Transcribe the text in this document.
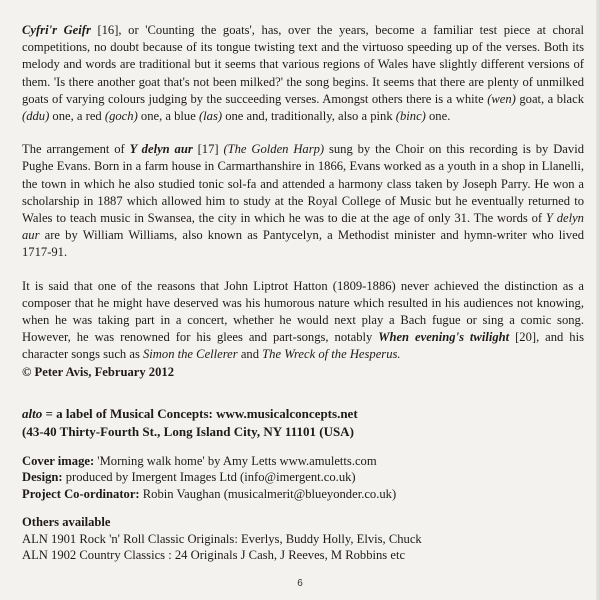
Cyfri'r Geifr [16], or 'Counting the goats', has, over the years, become a familiar test piece at choral competitions, no doubt because of its tongue twisting text and the virtuoso speeding up of the verses. Both its melody and words are traditional but it seems that various regions of Wales have slightly different versions of them. 'Is there another goat that's not been milked?' the song begins. It seems that there are plenty of unmilked goats of varying colours judging by the succeeding verses. Amongst others there is a white (wen) goat, a black (ddu) one, a red (goch) one, a blue (las) one and, traditionally, also a pink (binc) one.

The arrangement of Y delyn aur [17] (The Golden Harp) sung by the Choir on this recording is by David Pughe Evans. Born in a farm house in Carmarthanshire in 1866, Evans worked as a youth in a shop in Llanelli, the town in which he also studied tonic sol-fa and attended a harmony class taken by Joseph Parry. He won a scholarship in 1887 which allowed him to study at the Royal College of Music but he eventually returned to Wales to teach music in Swansea, the city in which he was to die at the age of only 31. The words of Y delyn aur are by William Williams, also known as Pantycelyn, a Methodist minister and hymn-writer who lived 1717-91.

It is said that one of the reasons that John Liptrot Hatton (1809-1886) never achieved the distinction as a composer that he might have deserved was his humorous nature which resulted in his audiences not knowing, when he was taking part in a concert, whether he would next play a Bach fugue or sing a comic song. However, he was renowned for his glees and part-songs, notably When evening's twilight [20], and his character songs such as Simon the Cellerer and The Wreck of the Hesperus.

© Peter Avis, February 2012

alto = a label of Musical Concepts: www.musicalconcepts.net

(43-40 Thirty-Fourth St., Long Island City, NY 11101 (USA)

Cover image: 'Morning walk home' by Amy Letts www.amuletts.com

Design: produced by Imergent Images Ltd (info@imergent.co.uk)

Project Co-ordinator: Robin Vaughan (musicalmerit@blueyonder.co.uk)

Others available

ALN 1901 Rock 'n' Roll Classic Originals: Everlys, Buddy Holly, Elvis, Chuck

ALN 1902 Country Classics : 24 Originals J Cash, J Reeves, M Robbins etc

6
